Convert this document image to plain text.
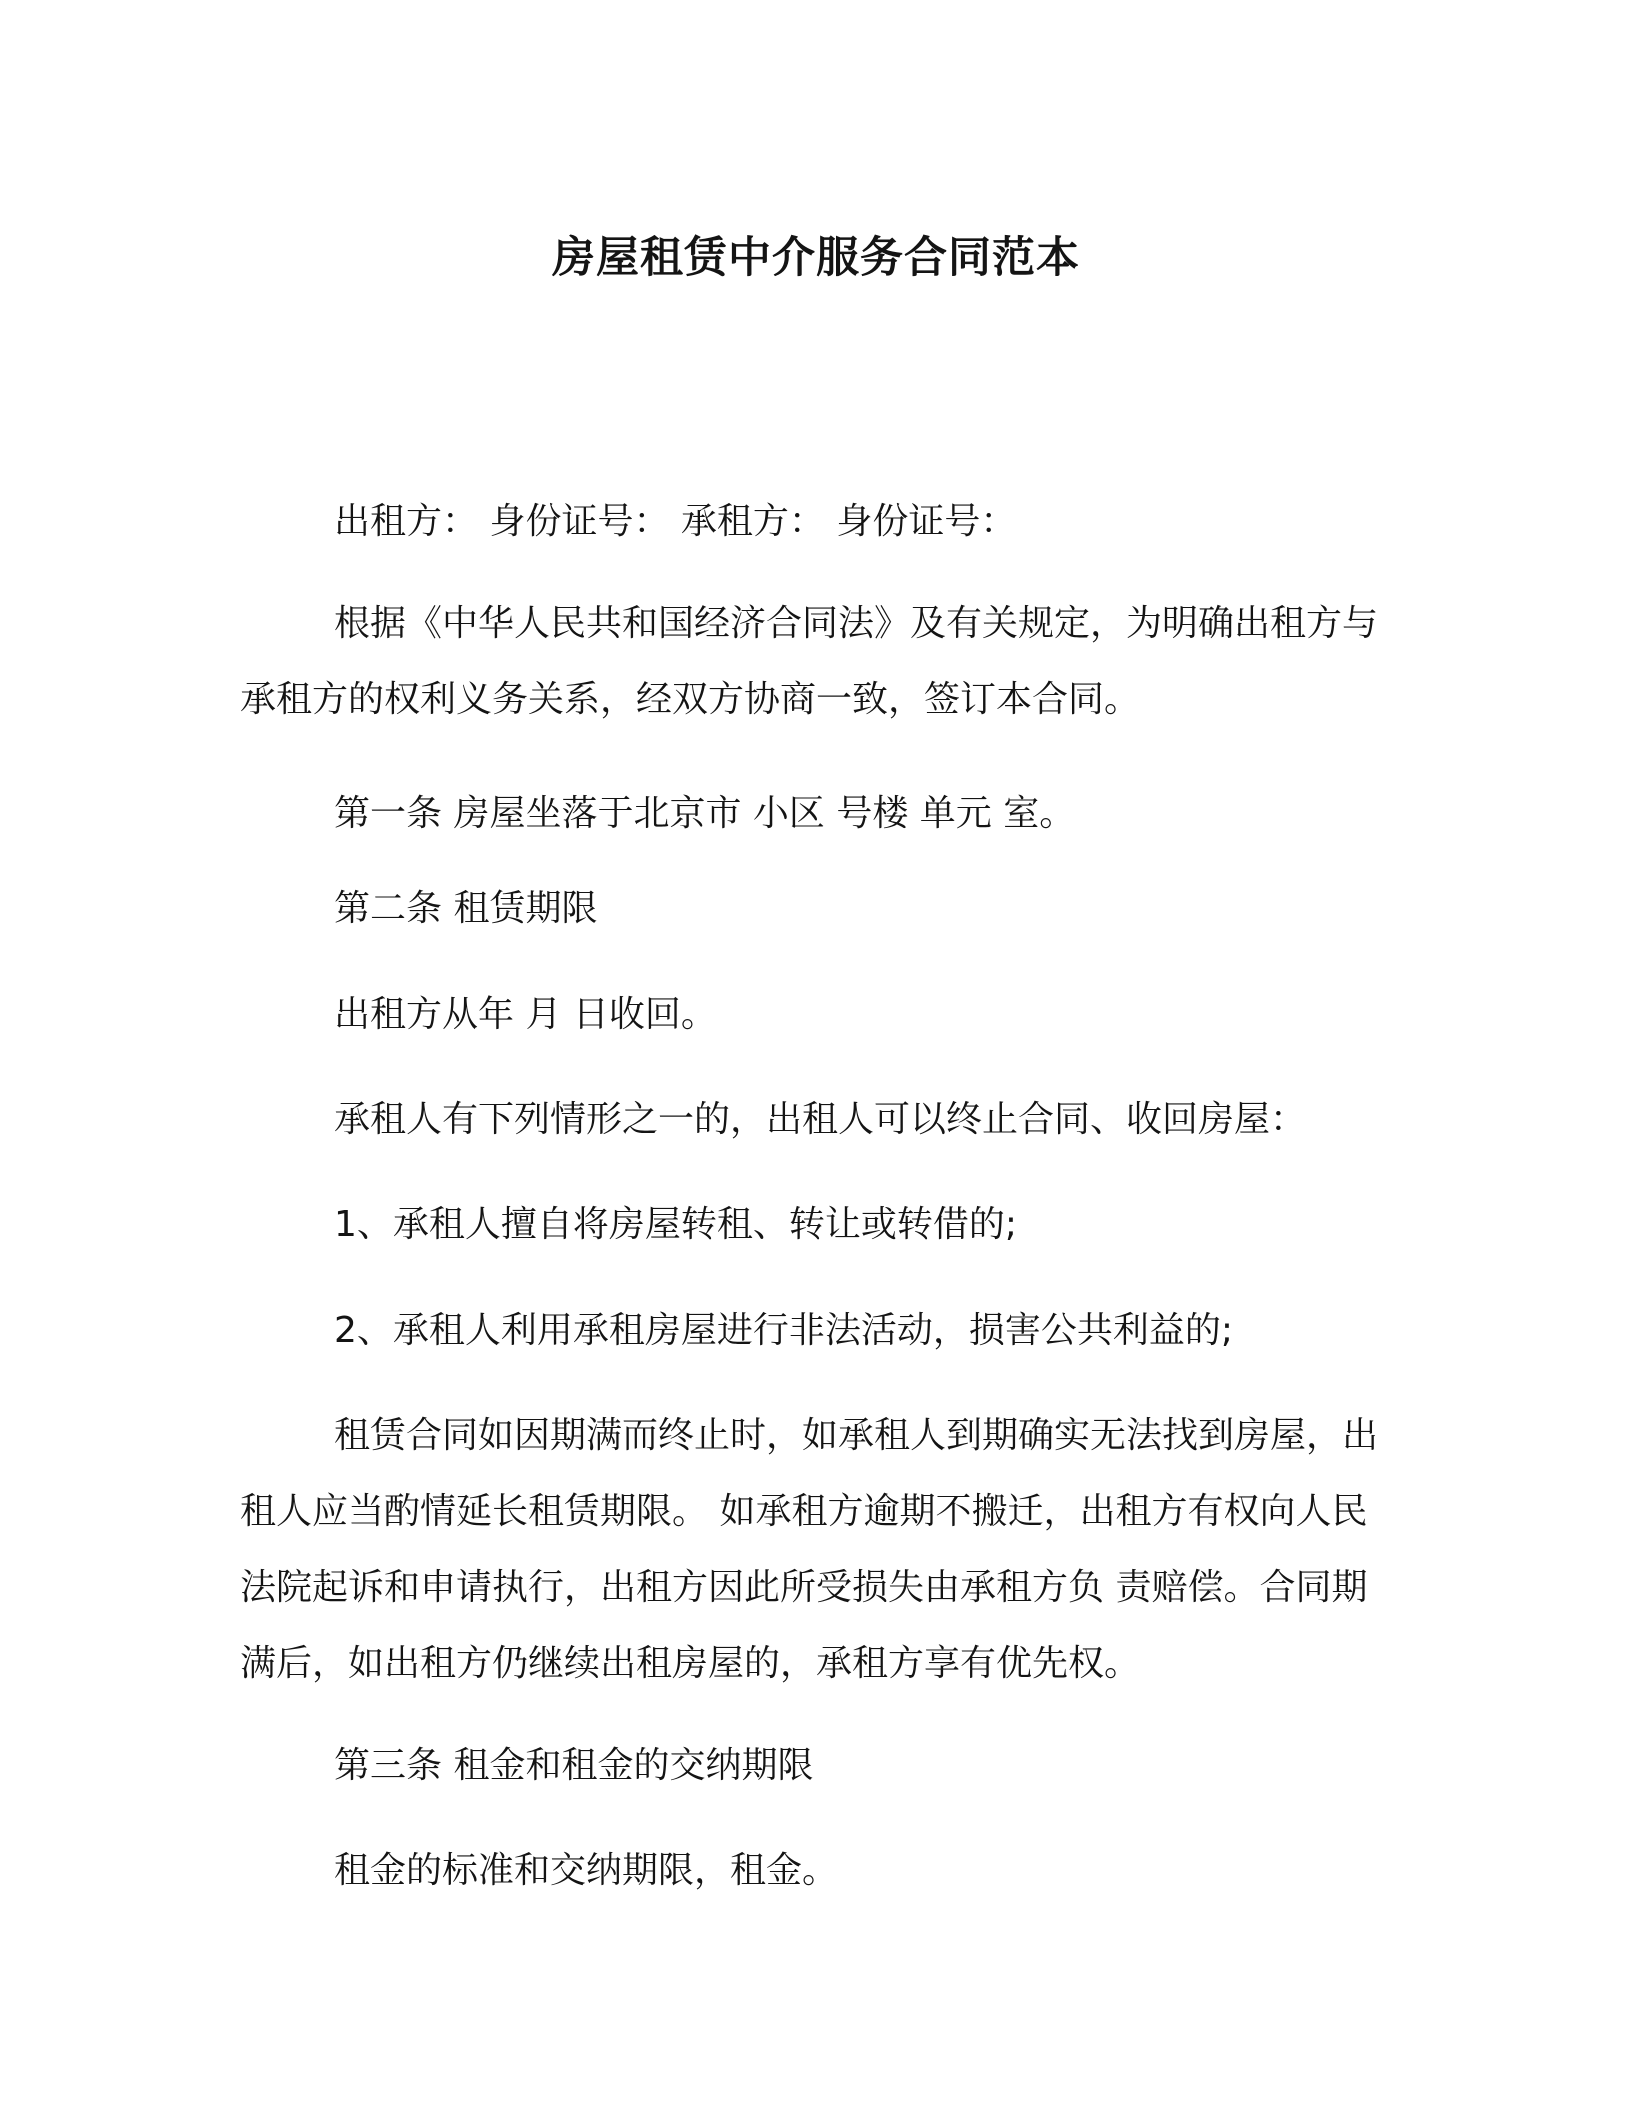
房屋租赁中介服务合同范本
出租方： 身份证号： 承租方： 身份证号：
根据《中华人民共和国经济合同法》及有关规定，为明确出租方与承租方的权利义务关系，经双方协商一致，签订本合同。
第一条 房屋坐落于北京市 小区 号楼 单元 室。
第二条 租赁期限
出租方从年 月 日收回。
承租人有下列情形之一的，出租人可以终止合同、收回房屋：
1、承租人擅自将房屋转租、转让或转借的;
2、承租人利用承租房屋进行非法活动，损害公共利益的;
租赁合同如因期满而终止时，如承租人到期确实无法找到房屋，出租人应当酌情延长租赁期限。 如承租方逾期不搬迁，出租方有权向人民法院起诉和申请执行，出租方因此所受损失由承租方负 责赔偿。合同期满后，如出租方仍继续出租房屋的，承租方享有优先权。
第三条 租金和租金的交纳期限
租金的标准和交纳期限，租金。
